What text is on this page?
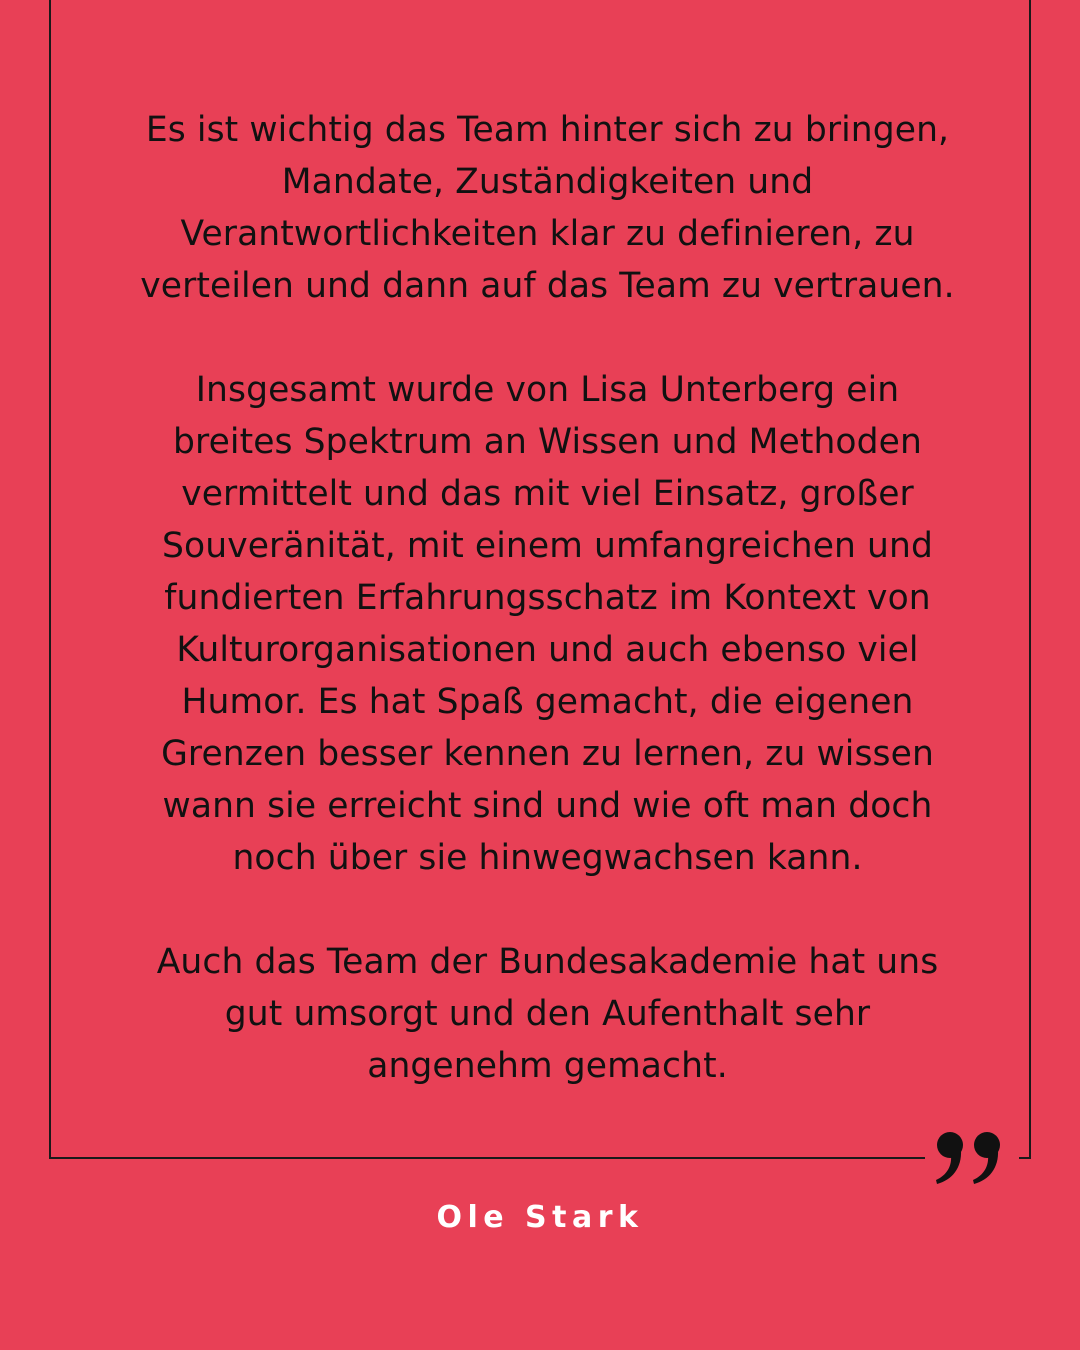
Es ist wichtig das Team hinter sich zu bringen,
Mandate, Zuständigkeiten und
Verantwortlichkeiten klar zu definieren, zu
verteilen und dann auf das Team zu vertrauen.

Insgesamt wurde von Lisa Unterberg ein
breites Spektrum an Wissen und Methoden
vermittelt und das mit viel Einsatz, großer
Souveränität, mit einem umfangreichen und
fundierten Erfahrungsschatz im Kontext von
Kulturorganisationen und auch ebenso viel
Humor. Es hat Spaß gemacht, die eigenen
Grenzen besser kennen zu lernen, zu wissen
wann sie erreicht sind und wie oft man doch
noch über sie hinwegwachsen kann.

Auch das Team der Bundesakademie hat uns
gut umsorgt und den Aufenthalt sehr
angenehm gemacht.

Ole Stark
